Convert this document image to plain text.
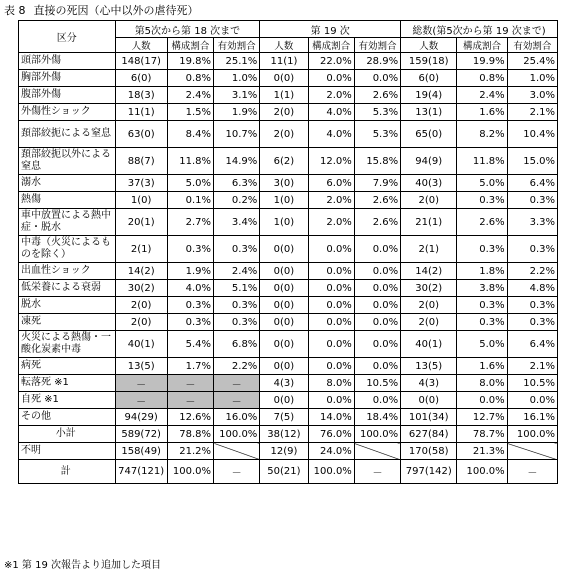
表 8 直接の死因（心中以外の虐待死）
区分	第5次から第 18 次まで			第 19 次			総数(第5次から第 19 次まで)		
	人数	構成割合	有効割合	人数	構成割合	有効割合	人数	構成割合	有効割合
頭部外傷	148(17)	19.8%	25.1%	11(1)	22.0%	28.9%	159(18)	19.9%	25.4%
胸部外傷	6(0)	0.8%	1.0%	0(0)	0.0%	0.0%	6(0)	0.8%	1.0%
腹部外傷	18(3)	2.4%	3.1%	1(1)	2.0%	2.6%	19(4)	2.4%	3.0%
外傷性ショック	11(1)	1.5%	1.9%	2(0)	4.0%	5.3%	13(1)	1.6%	2.1%
頚部絞扼による窒息	63(0)	8.4%	10.7%	2(0)	4.0%	5.3%	65(0)	8.2%	10.4%
頚部絞扼以外による窒息	88(7)	11.8%	14.9%	6(2)	12.0%	15.8%	94(9)	11.8%	15.0%
溺水	37(3)	5.0%	6.3%	3(0)	6.0%	7.9%	40(3)	5.0%	6.4%
熱傷	1(0)	0.1%	0.2%	1(0)	2.0%	2.6%	2(0)	0.3%	0.3%
車中放置による熱中症・脱水	20(1)	2.7%	3.4%	1(0)	2.0%	2.6%	21(1)	2.6%	3.3%
中毒（火災によるものを除く）	2(1)	0.3%	0.3%	0(0)	0.0%	0.0%	2(1)	0.3%	0.3%
出血性ショック	14(2)	1.9%	2.4%	0(0)	0.0%	0.0%	14(2)	1.8%	2.2%
低栄養による衰弱	30(2)	4.0%	5.1%	0(0)	0.0%	0.0%	30(2)	3.8%	4.8%
脱水	2(0)	0.3%	0.3%	0(0)	0.0%	0.0%	2(0)	0.3%	0.3%
凍死	2(0)	0.3%	0.3%	0(0)	0.0%	0.0%	2(0)	0.3%	0.3%
火災による熱傷・一酸化炭素中毒	40(1)	5.4%	6.8%	0(0)	0.0%	0.0%	40(1)	5.0%	6.4%
病死	13(5)	1.7%	2.2%	0(0)	0.0%	0.0%	13(5)	1.6%	2.1%
転落死 ※1	－	－	－	4(3)	8.0%	10.5%	4(3)	8.0%	10.5%
自死 ※1	－	－	－	0(0)	0.0%	0.0%	0(0)	0.0%	0.0%
その他	94(29)	12.6%	16.0%	7(5)	14.0%	18.4%	101(34)	12.7%	16.1%
小計	589(72)	78.8%	100.0%	38(12)	76.0%	100.0%	627(84)	78.7%	100.0%
不明	158(49)	21.2%		12(9)	24.0%		170(58)	21.3%	
計	747(121)	100.0%	－	50(21)	100.0%	－	797(142)	100.0%	－
※1 第 19 次報告より追加した項目
